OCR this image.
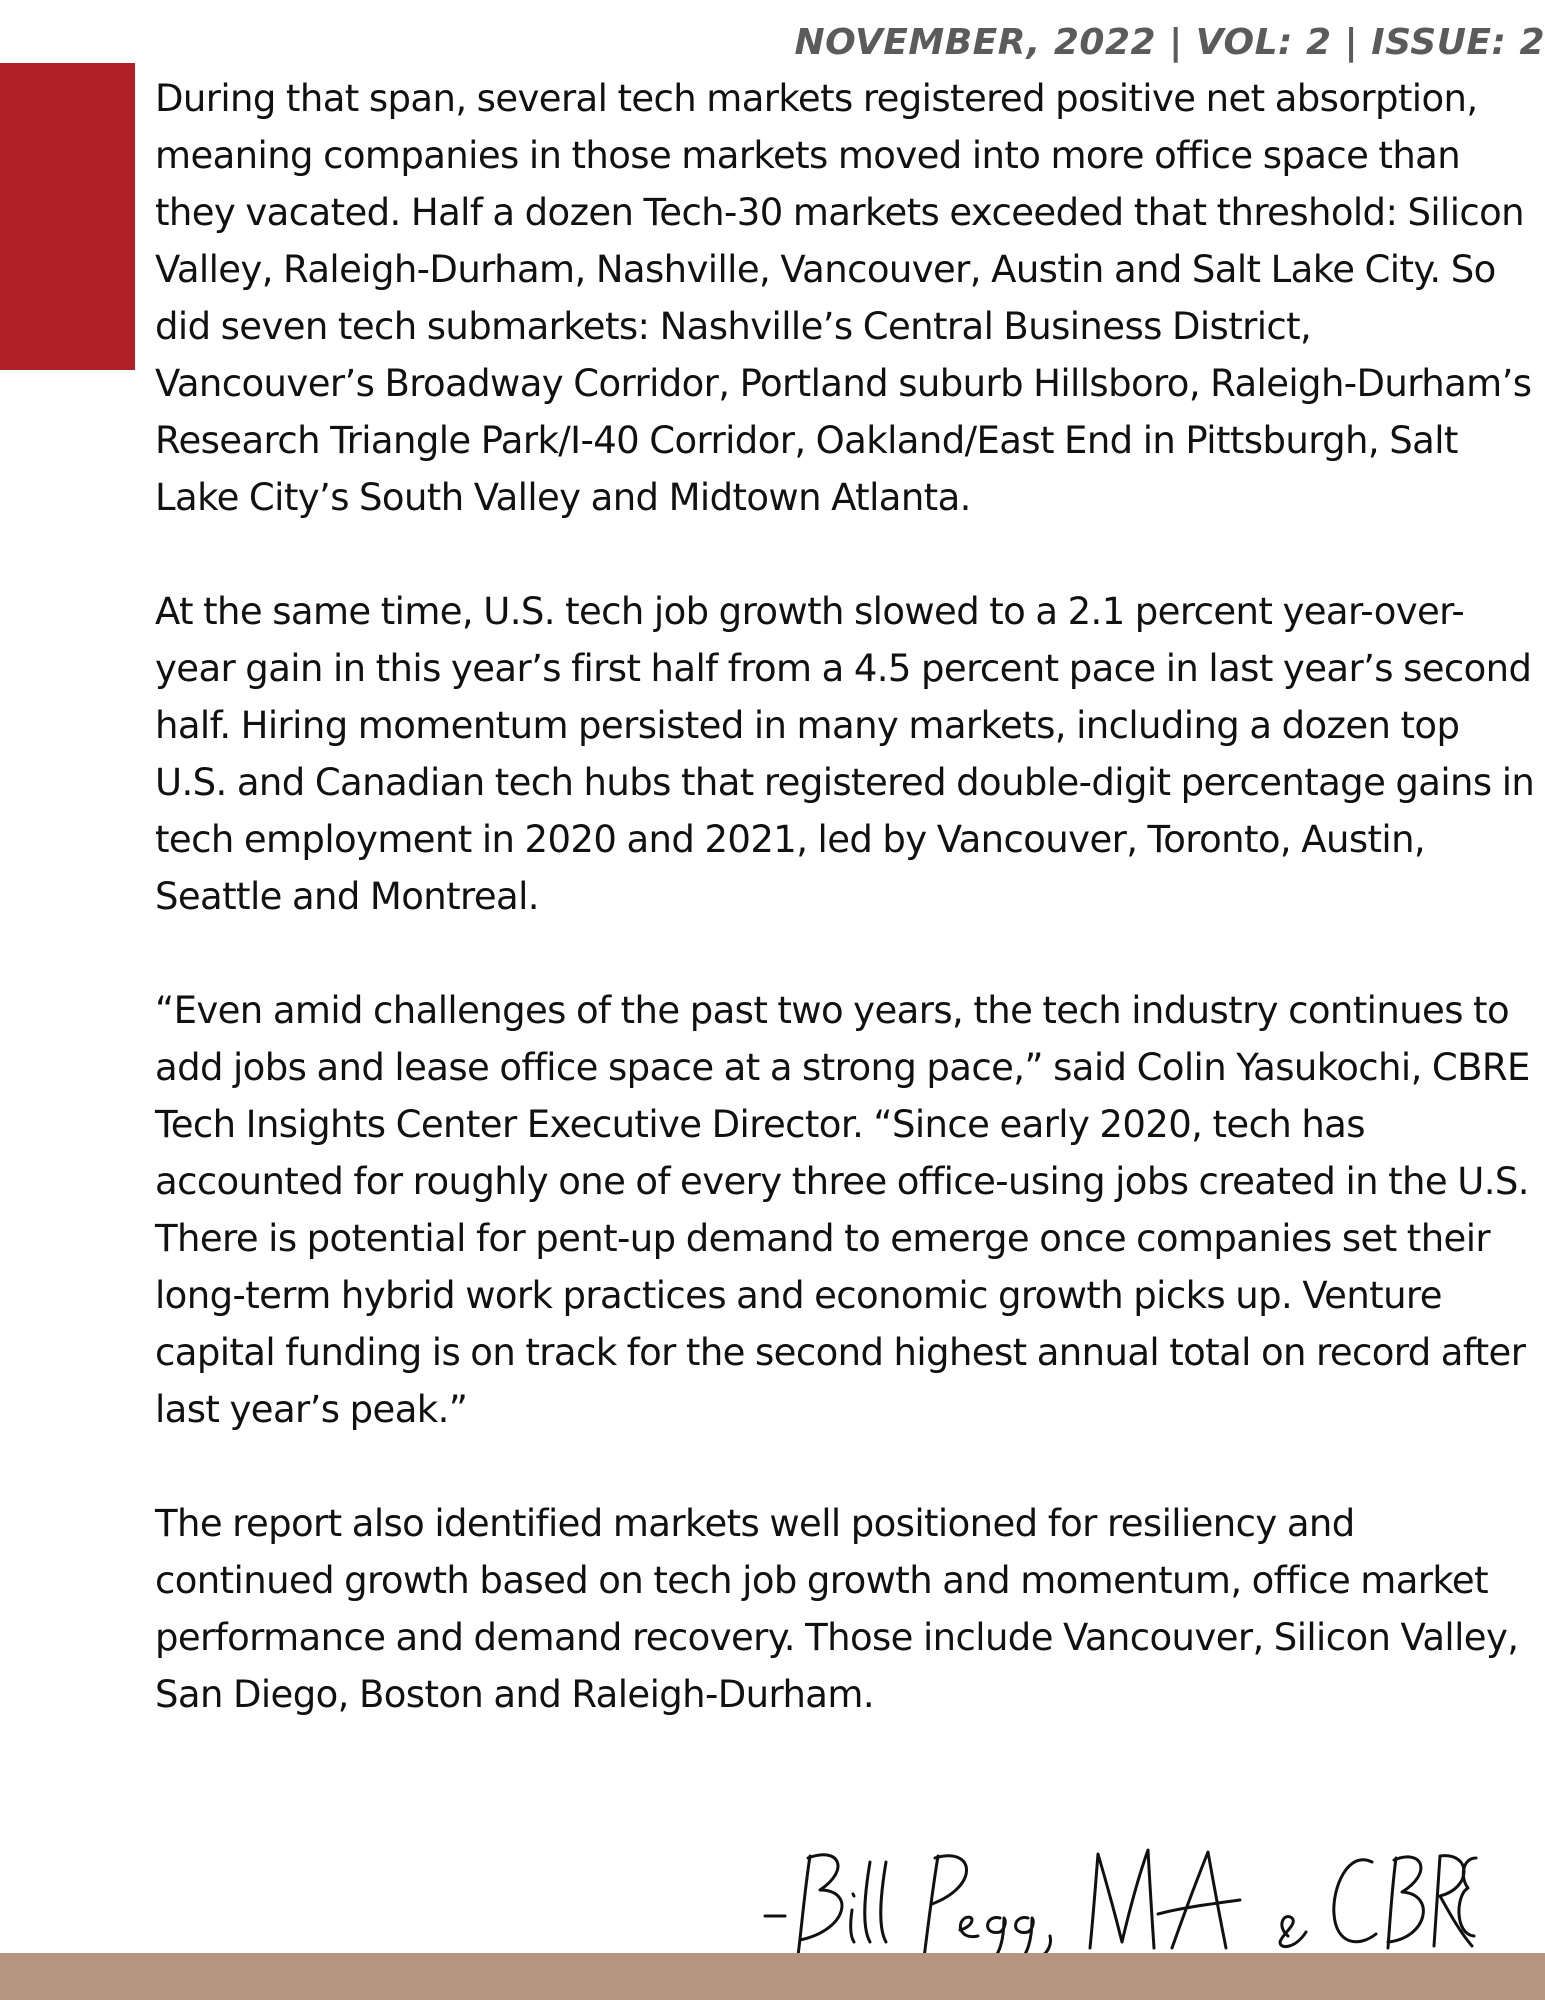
NOVEMBER, 2022 | VOL: 2 | ISSUE: 2

During that span, several tech markets registered positive net absorption, meaning companies in those markets moved into more office space than they vacated. Half a dozen Tech-30 markets exceeded that threshold: Silicon Valley, Raleigh-Durham, Nashville, Vancouver, Austin and Salt Lake City. So did seven tech submarkets: Nashville’s Central Business District, Vancouver’s Broadway Corridor, Portland suburb Hillsboro, Raleigh-Durham’s Research Triangle Park/I-40 Corridor, Oakland/East End in Pittsburgh, Salt Lake City’s South Valley and Midtown Atlanta.

At the same time, U.S. tech job growth slowed to a 2.1 percent year-over-year gain in this year’s first half from a 4.5 percent pace in last year’s second half. Hiring momentum persisted in many markets, including a dozen top U.S. and Canadian tech hubs that registered double-digit percentage gains in tech employment in 2020 and 2021, led by Vancouver, Toronto, Austin, Seattle and Montreal.

“Even amid challenges of the past two years, the tech industry continues to add jobs and lease office space at a strong pace,” said Colin Yasukochi, CBRE Tech Insights Center Executive Director. “Since early 2020, tech has accounted for roughly one of every three office-using jobs created in the U.S. There is potential for pent-up demand to emerge once companies set their long-term hybrid work practices and economic growth picks up. Venture capital funding is on track for the second highest annual total on record after last year’s peak.”

The report also identified markets well positioned for resiliency and continued growth based on tech job growth and momentum, office market performance and demand recovery. Those include Vancouver, Silicon Valley, San Diego, Boston and Raleigh-Durham.
